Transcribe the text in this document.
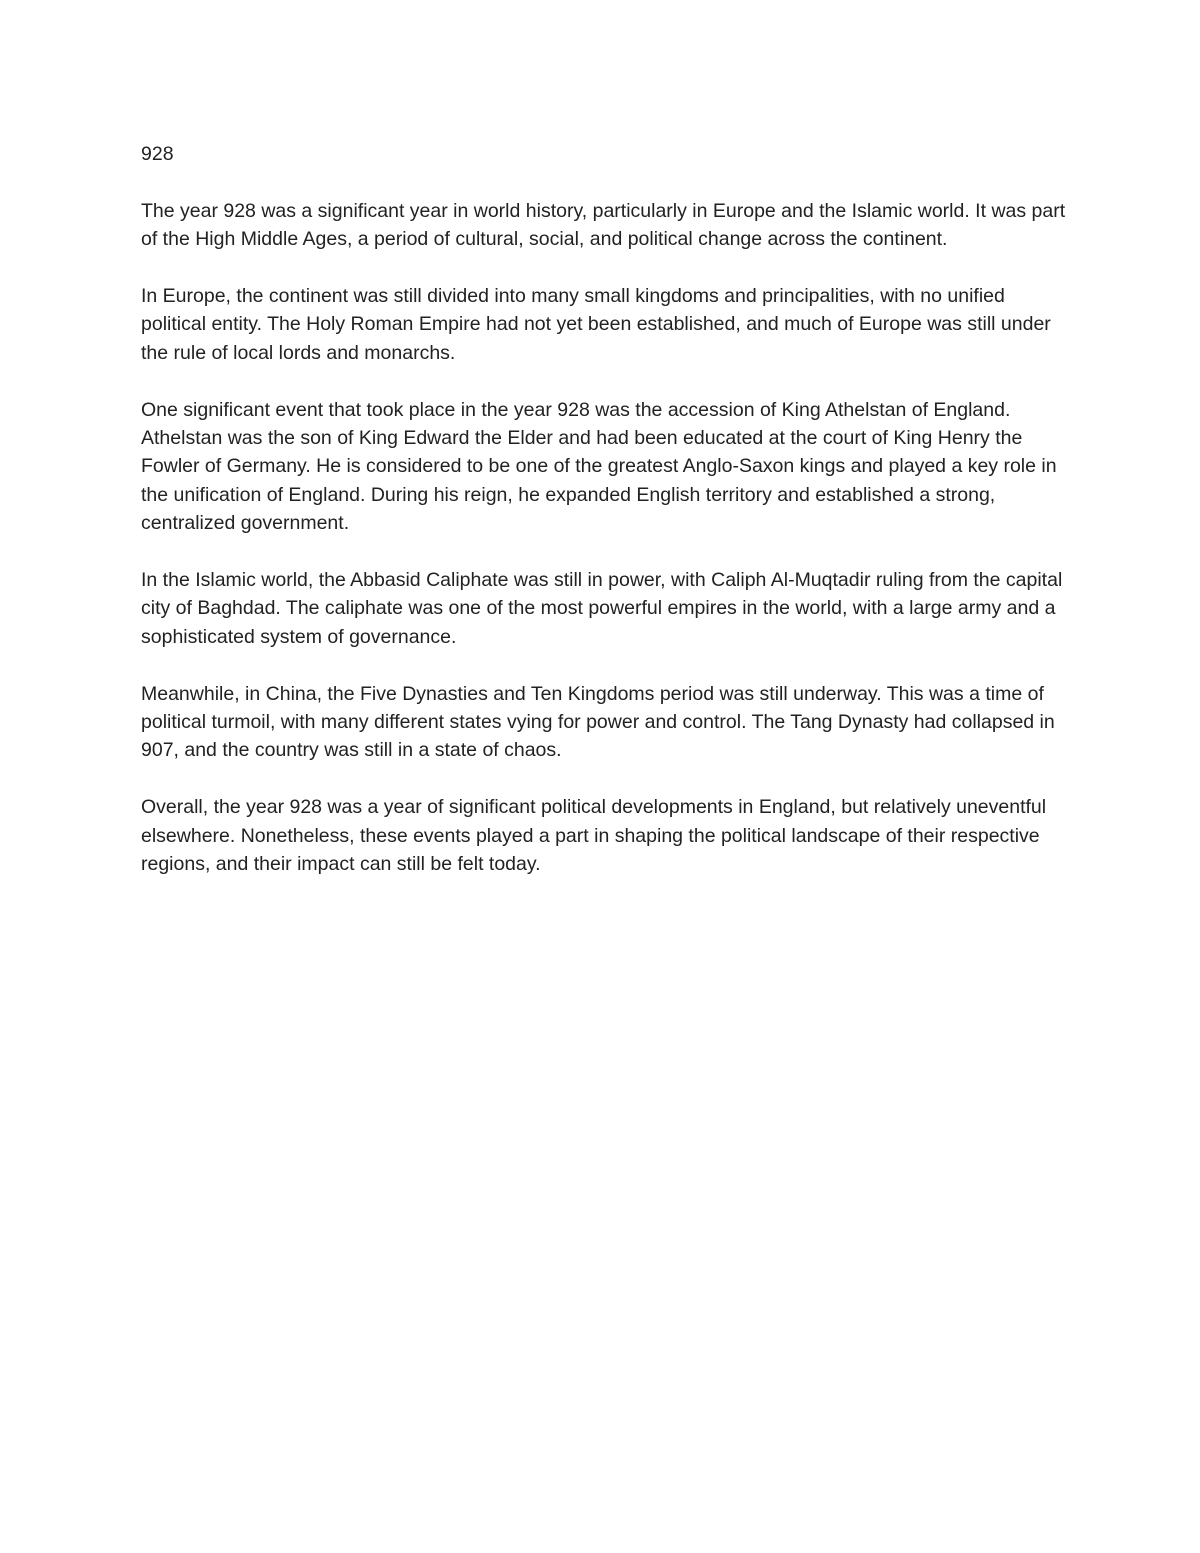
928

The year 928 was a significant year in world history, particularly in Europe and the Islamic world. It was part of the High Middle Ages, a period of cultural, social, and political change across the continent.

In Europe, the continent was still divided into many small kingdoms and principalities, with no unified political entity. The Holy Roman Empire had not yet been established, and much of Europe was still under the rule of local lords and monarchs.

One significant event that took place in the year 928 was the accession of King Athelstan of England. Athelstan was the son of King Edward the Elder and had been educated at the court of King Henry the Fowler of Germany. He is considered to be one of the greatest Anglo-Saxon kings and played a key role in the unification of England. During his reign, he expanded English territory and established a strong, centralized government.

In the Islamic world, the Abbasid Caliphate was still in power, with Caliph Al-Muqtadir ruling from the capital city of Baghdad. The caliphate was one of the most powerful empires in the world, with a large army and a sophisticated system of governance.

Meanwhile, in China, the Five Dynasties and Ten Kingdoms period was still underway. This was a time of political turmoil, with many different states vying for power and control. The Tang Dynasty had collapsed in 907, and the country was still in a state of chaos.

Overall, the year 928 was a year of significant political developments in England, but relatively uneventful elsewhere. Nonetheless, these events played a part in shaping the political landscape of their respective regions, and their impact can still be felt today.
